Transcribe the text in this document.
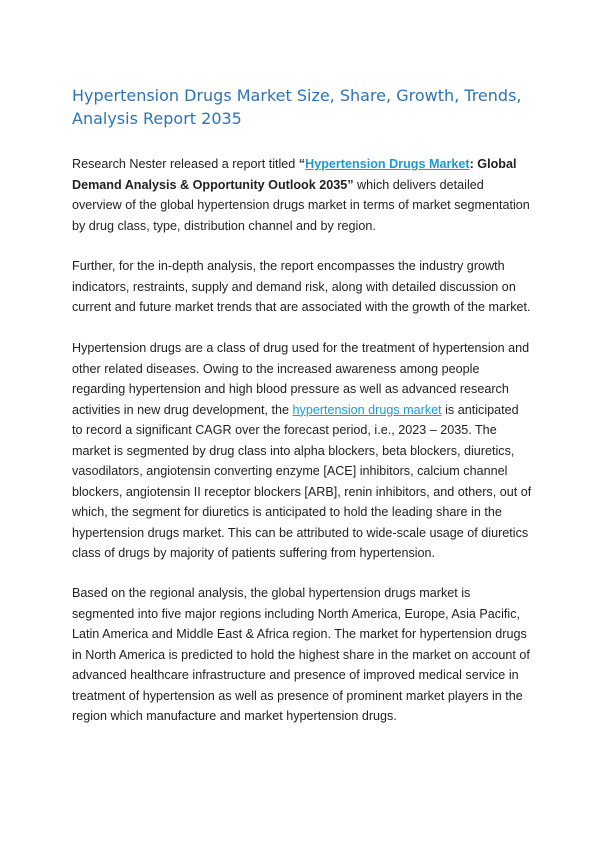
Hypertension Drugs Market Size, Share, Growth, Trends, Analysis Report 2035

Research Nester released a report titled “Hypertension Drugs Market: Global Demand Analysis & Opportunity Outlook 2035” which delivers detailed overview of the global hypertension drugs market in terms of market segmentation by drug class, type, distribution channel and by region.

Further, for the in-depth analysis, the report encompasses the industry growth indicators, restraints, supply and demand risk, along with detailed discussion on current and future market trends that are associated with the growth of the market.

Hypertension drugs are a class of drug used for the treatment of hypertension and other related diseases. Owing to the increased awareness among people regarding hypertension and high blood pressure as well as advanced research activities in new drug development, the hypertension drugs market is anticipated to record a significant CAGR over the forecast period, i.e., 2023 – 2035. The market is segmented by drug class into alpha blockers, beta blockers, diuretics, vasodilators, angiotensin converting enzyme [ACE] inhibitors, calcium channel blockers, angiotensin II receptor blockers [ARB], renin inhibitors, and others, out of which, the segment for diuretics is anticipated to hold the leading share in the hypertension drugs market. This can be attributed to wide-scale usage of diuretics class of drugs by majority of patients suffering from hypertension.

Based on the regional analysis, the global hypertension drugs market is segmented into five major regions including North America, Europe, Asia Pacific, Latin America and Middle East & Africa region. The market for hypertension drugs in North America is predicted to hold the highest share in the market on account of advanced healthcare infrastructure and presence of improved medical service in treatment of hypertension as well as presence of prominent market players in the region which manufacture and market hypertension drugs.
